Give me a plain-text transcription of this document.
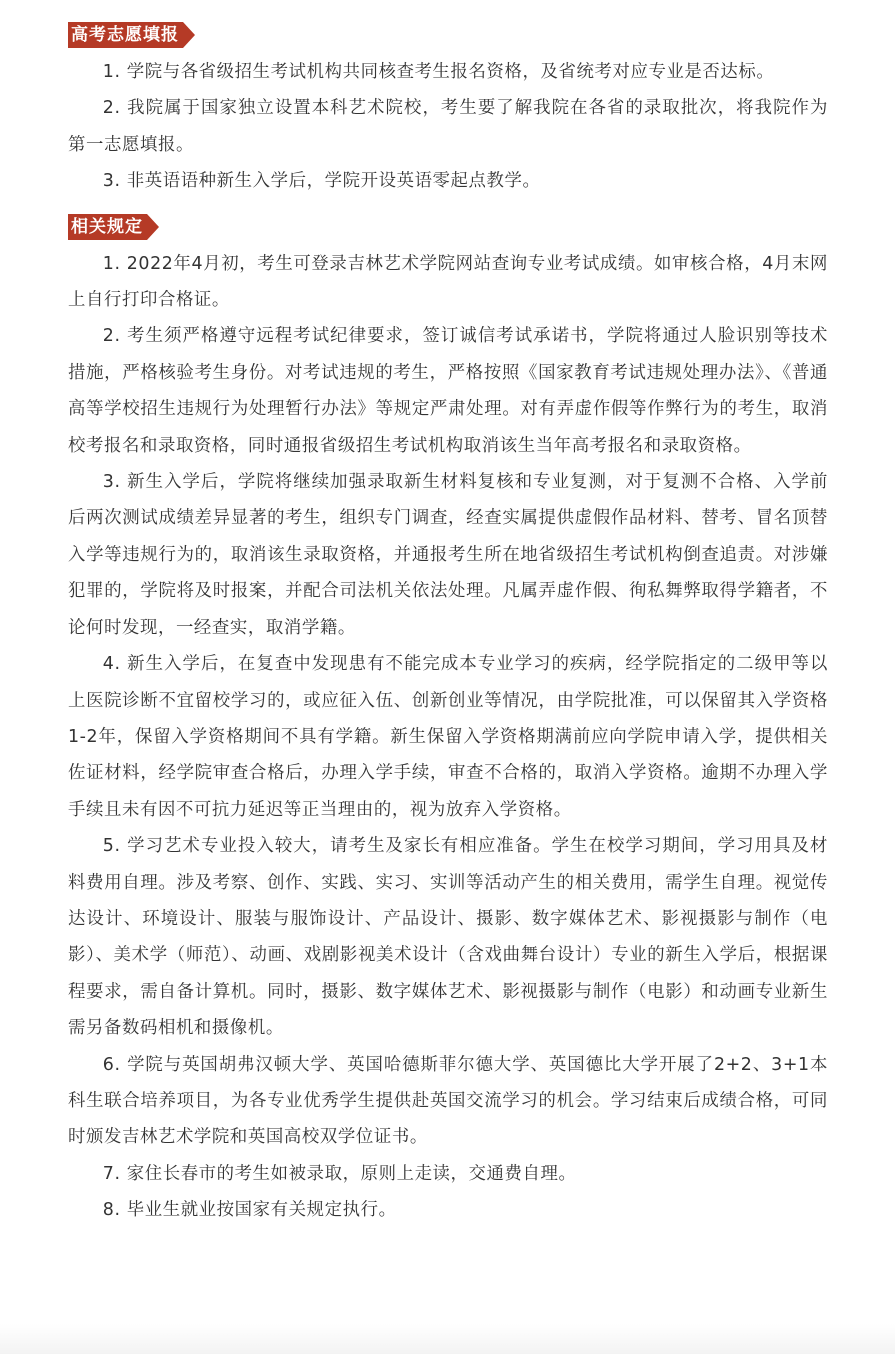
高考志愿填报

1. 学院与各省级招生考试机构共同核查考生报名资格，及省统考对应专业是否达标。

2. 我院属于国家独立设置本科艺术院校，考生要了解我院在各省的录取批次，将我院作为第一志愿填报。

3. 非英语语种新生入学后，学院开设英语零起点教学。

相关规定

1. 2022年4月初，考生可登录吉林艺术学院网站查询专业考试成绩。如审核合格，4月末网上自行打印合格证。

2. 考生须严格遵守远程考试纪律要求，签订诚信考试承诺书，学院将通过人脸识别等技术措施，严格核验考生身份。对考试违规的考生，严格按照《国家教育考试违规处理办法》、《普通高等学校招生违规行为处理暂行办法》等规定严肃处理。对有弄虚作假等作弊行为的考生，取消校考报名和录取资格，同时通报省级招生考试机构取消该生当年高考报名和录取资格。

3. 新生入学后，学院将继续加强录取新生材料复核和专业复测，对于复测不合格、入学前后两次测试成绩差异显著的考生，组织专门调查，经查实属提供虚假作品材料、替考、冒名顶替入学等违规行为的，取消该生录取资格，并通报考生所在地省级招生考试机构倒查追责。对涉嫌犯罪的，学院将及时报案，并配合司法机关依法处理。凡属弄虚作假、徇私舞弊取得学籍者，不论何时发现，一经查实，取消学籍。

4. 新生入学后，在复查中发现患有不能完成本专业学习的疾病，经学院指定的二级甲等以上医院诊断不宜留校学习的，或应征入伍、创新创业等情况，由学院批准，可以保留其入学资格1-2年，保留入学资格期间不具有学籍。新生保留入学资格期满前应向学院申请入学，提供相关佐证材料，经学院审查合格后，办理入学手续，审查不合格的，取消入学资格。逾期不办理入学手续且未有因不可抗力延迟等正当理由的，视为放弃入学资格。

5. 学习艺术专业投入较大，请考生及家长有相应准备。学生在校学习期间，学习用具及材料费用自理。涉及考察、创作、实践、实习、实训等活动产生的相关费用，需学生自理。视觉传达设计、环境设计、服装与服饰设计、产品设计、摄影、数字媒体艺术、影视摄影与制作（电影）、美术学（师范）、动画、戏剧影视美术设计（含戏曲舞台设计）专业的新生入学后，根据课程要求，需自备计算机。同时，摄影、数字媒体艺术、影视摄影与制作（电影）和动画专业新生需另备数码相机和摄像机。

6. 学院与英国胡弗汉顿大学、英国哈德斯菲尔德大学、英国德比大学开展了2+2、3+1本科生联合培养项目，为各专业优秀学生提供赴英国交流学习的机会。学习结束后成绩合格，可同时颁发吉林艺术学院和英国高校双学位证书。

7. 家住长春市的考生如被录取，原则上走读，交通费自理。

8. 毕业生就业按国家有关规定执行。
